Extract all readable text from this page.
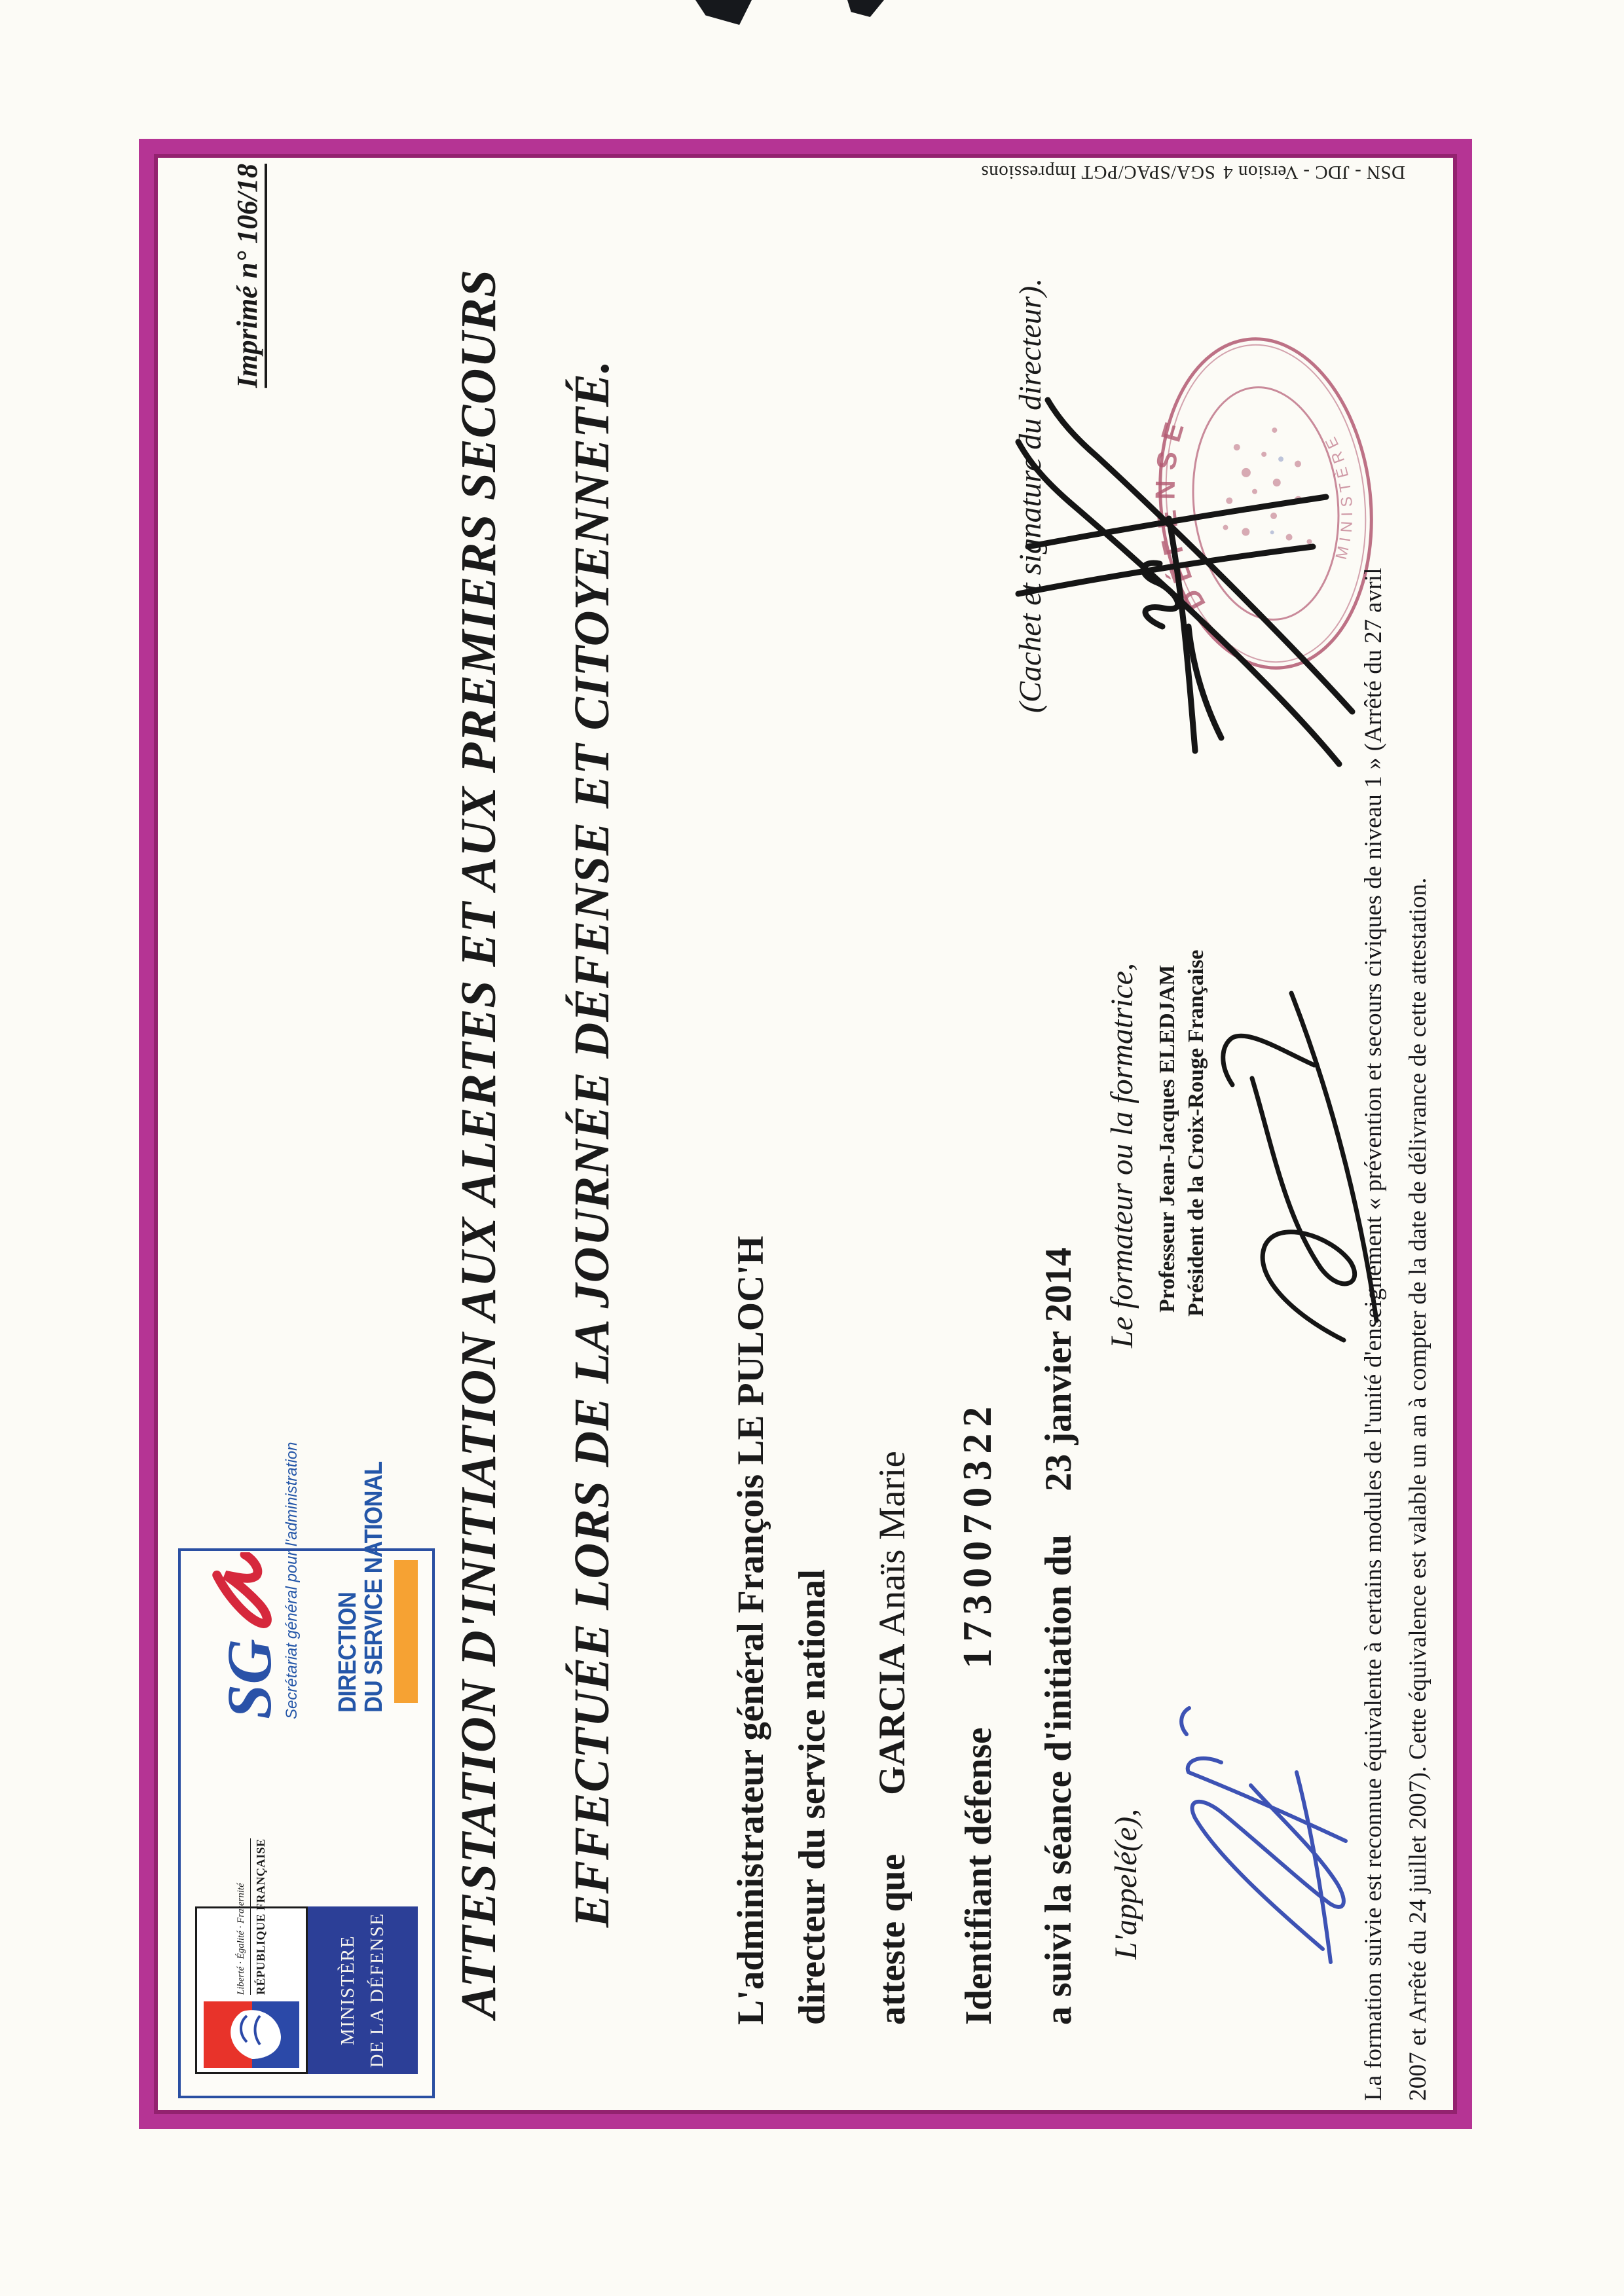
Liberté · Égalité · Fraternité RÉPUBLIQUE FRANÇAISE	MINISTÈRE DE LA DÉFENSE
SG
Secrétariat général pour l'administration DIRECTION
DU SERVICE NATIONAL
Imprimé n° 106/18	ATTESTATION D'INITIATION AUX ALERTES ET AUX PREMIERS SECOURS EFFECTUÉE LORS DE LA JOURNÉE DÉFENSE ET CITOYENNETÉ.	L'administrateur général François LE PULOC'H directeur du service national atteste queGARCIA Anaïs Marie
Identifiant défense1730070322
a suivi la séance d'initiation du23 janvier 2014
L'appelé(e),
Le formateur ou la formatrice, Professeur Jean-Jacques ELEDJAM Président de la Croix-Rouge Française
(Cachet et signature du directeur).	DÉFENSE
MINISTÈRE
La formation suivie est reconnue équivalente à certains modules de l'unité d'enseignement « prévention et secours civiques de niveau 1 » (Arrêté du 27 avril 2007 et Arrêté du 24 juillet 2007). Cette équivalence est valable un an à compter de la date de délivrance de cette attestation.
DSN - JDC - Version 4
SGA/SPAC/PGT Impressions
